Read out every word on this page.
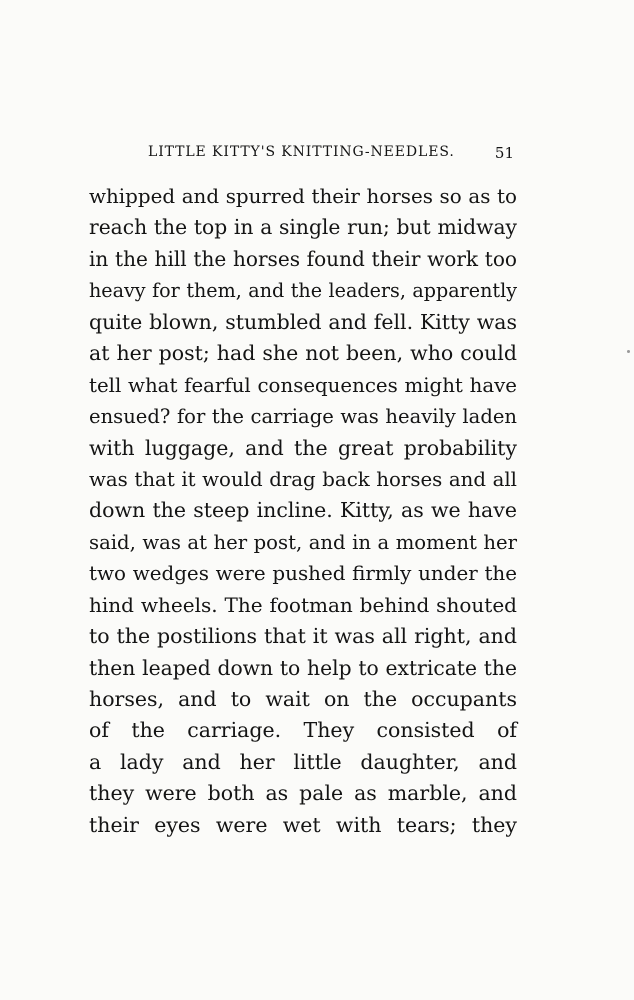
LITTLE KITTY'S KNITTING-NEEDLES.	51
whipped and spurred their horses so as to
reach the top in a single run; but midway
in the hill the horses found their work too
heavy for them, and the leaders, apparently
quite blown, stumbled and fell. Kitty was
at her post; had she not been, who could
tell what fearful consequences might have
ensued? for the carriage was heavily laden
with luggage, and the great probability
was that it would drag back horses and all
down the steep incline. Kitty, as we have
said, was at her post, and in a moment her
two wedges were pushed firmly under the
hind wheels. The footman behind shouted
to the postilions that it was all right, and
then leaped down to help to extricate the
horses, and to wait on the occupants
of the carriage. They consisted of
a lady and her little daughter, and
they were both as pale as marble, and
their eyes were wet with tears; they
